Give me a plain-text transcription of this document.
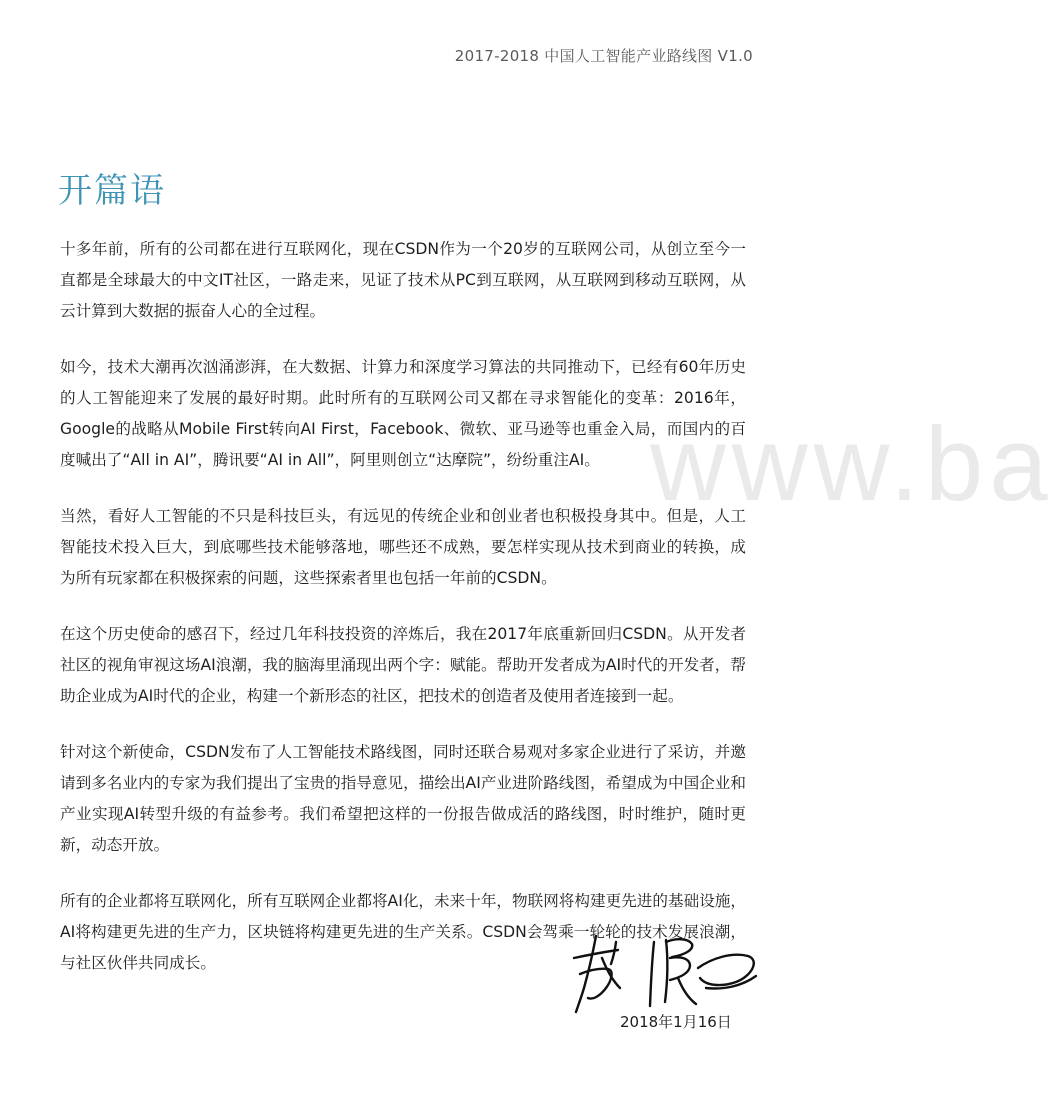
2017-2018 中国人工智能产业路线图 V1.0
www.ba
开篇语

十多年前，所有的公司都在进行互联网化，现在CSDN作为一个20岁的互联网公司，从创立至今一直都是全球最大的中文IT社区，一路走来，见证了技术从PC到互联网，从互联网到移动互联网，从云计算到大数据的振奋人心的全过程。

如今，技术大潮再次汹涌澎湃，在大数据、计算力和深度学习算法的共同推动下，已经有60年历史的人工智能迎来了发展的最好时期。此时所有的互联网公司又都在寻求智能化的变革：2016年，Google的战略从Mobile First转向AI First，Facebook、微软、亚马逊等也重金入局，而国内的百度喊出了“All in AI”，腾讯要“AI in All”，阿里则创立“达摩院”，纷纷重注AI。

当然，看好人工智能的不只是科技巨头，有远见的传统企业和创业者也积极投身其中。但是，人工智能技术投入巨大，到底哪些技术能够落地，哪些还不成熟，要怎样实现从技术到商业的转换，成为所有玩家都在积极探索的问题，这些探索者里也包括一年前的CSDN。

在这个历史使命的感召下，经过几年科技投资的淬炼后，我在2017年底重新回归CSDN。从开发者社区的视角审视这场AI浪潮，我的脑海里涌现出两个字：赋能。帮助开发者成为AI时代的开发者，帮助企业成为AI时代的企业，构建一个新形态的社区，把技术的创造者及使用者连接到一起。

针对这个新使命，CSDN发布了人工智能技术路线图，同时还联合易观对多家企业进行了采访，并邀请到多名业内的专家为我们提出了宝贵的指导意见，描绘出AI产业进阶路线图，希望成为中国企业和产业实现AI转型升级的有益参考。我们希望把这样的一份报告做成活的路线图，时时维护，随时更新，动态开放。

所有的企业都将互联网化，所有互联网企业都将AI化，未来十年，物联网将构建更先进的基础设施，AI将构建更先进的生产力，区块链将构建更先进的生产关系。CSDN会驾乘一轮轮的技术发展浪潮，与社区伙伴共同成长。

2018年1月16日
